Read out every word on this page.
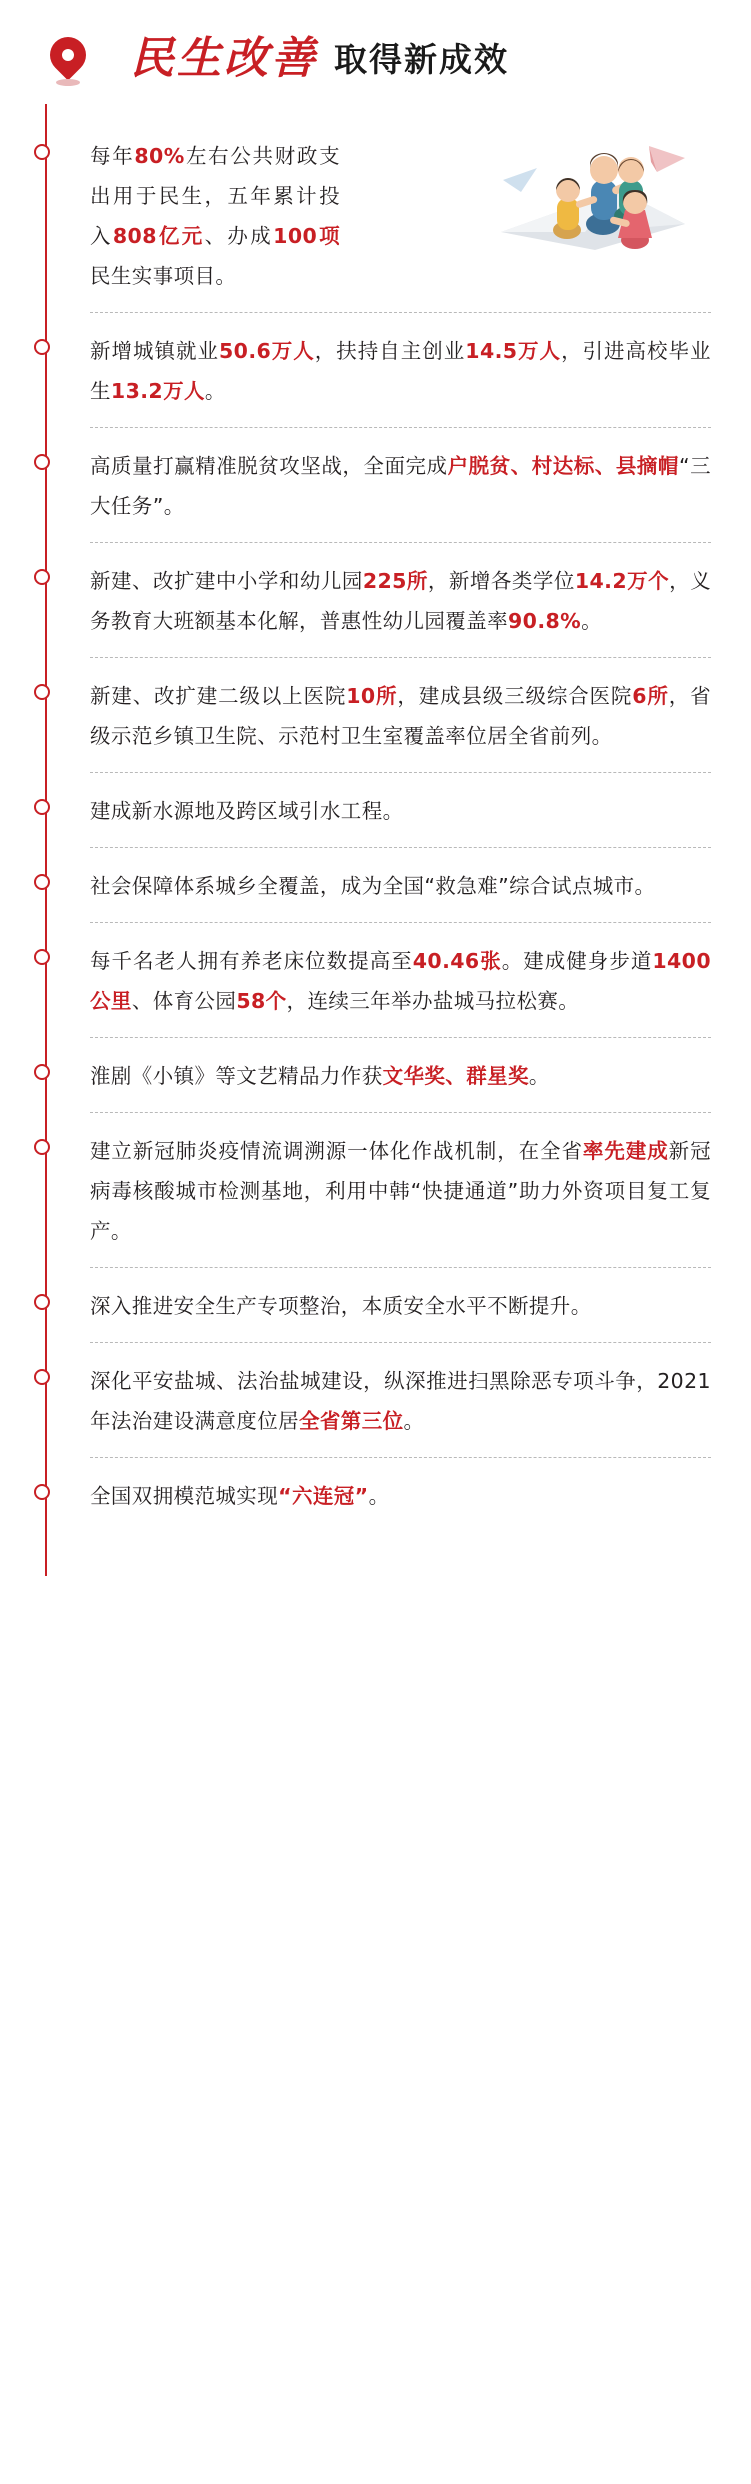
民生改善 取得新成效
每年80%左右公共财政支出用于民生，五年累计投入808亿元、办成100项民生实事项目。
新增城镇就业50.6万人，扶持自主创业14.5万人，引进高校毕业生13.2万人。
高质量打赢精准脱贫攻坚战，全面完成户脱贫、村达标、县摘帽“三大任务”。
新建、改扩建中小学和幼儿园225所，新增各类学位14.2万个，义务教育大班额基本化解，普惠性幼儿园覆盖率90.8%。
新建、改扩建二级以上医院10所，建成县级三级综合医院6所，省级示范乡镇卫生院、示范村卫生室覆盖率位居全省前列。
建成新水源地及跨区域引水工程。
社会保障体系城乡全覆盖，成为全国“救急难”综合试点城市。
每千名老人拥有养老床位数提高至40.46张。建成健身步道1400公里、体育公园58个，连续三年举办盐城马拉松赛。
淮剧《小镇》等文艺精品力作获文华奖、群星奖。
建立新冠肺炎疫情流调溯源一体化作战机制，在全省率先建成新冠病毒核酸城市检测基地，利用中韩“快捷通道”助力外资项目复工复产。
深入推进安全生产专项整治，本质安全水平不断提升。
深化平安盐城、法治盐城建设，纵深推进扫黑除恶专项斗争，2021年法治建设满意度位居全省第三位。
全国双拥模范城实现“六连冠”。
